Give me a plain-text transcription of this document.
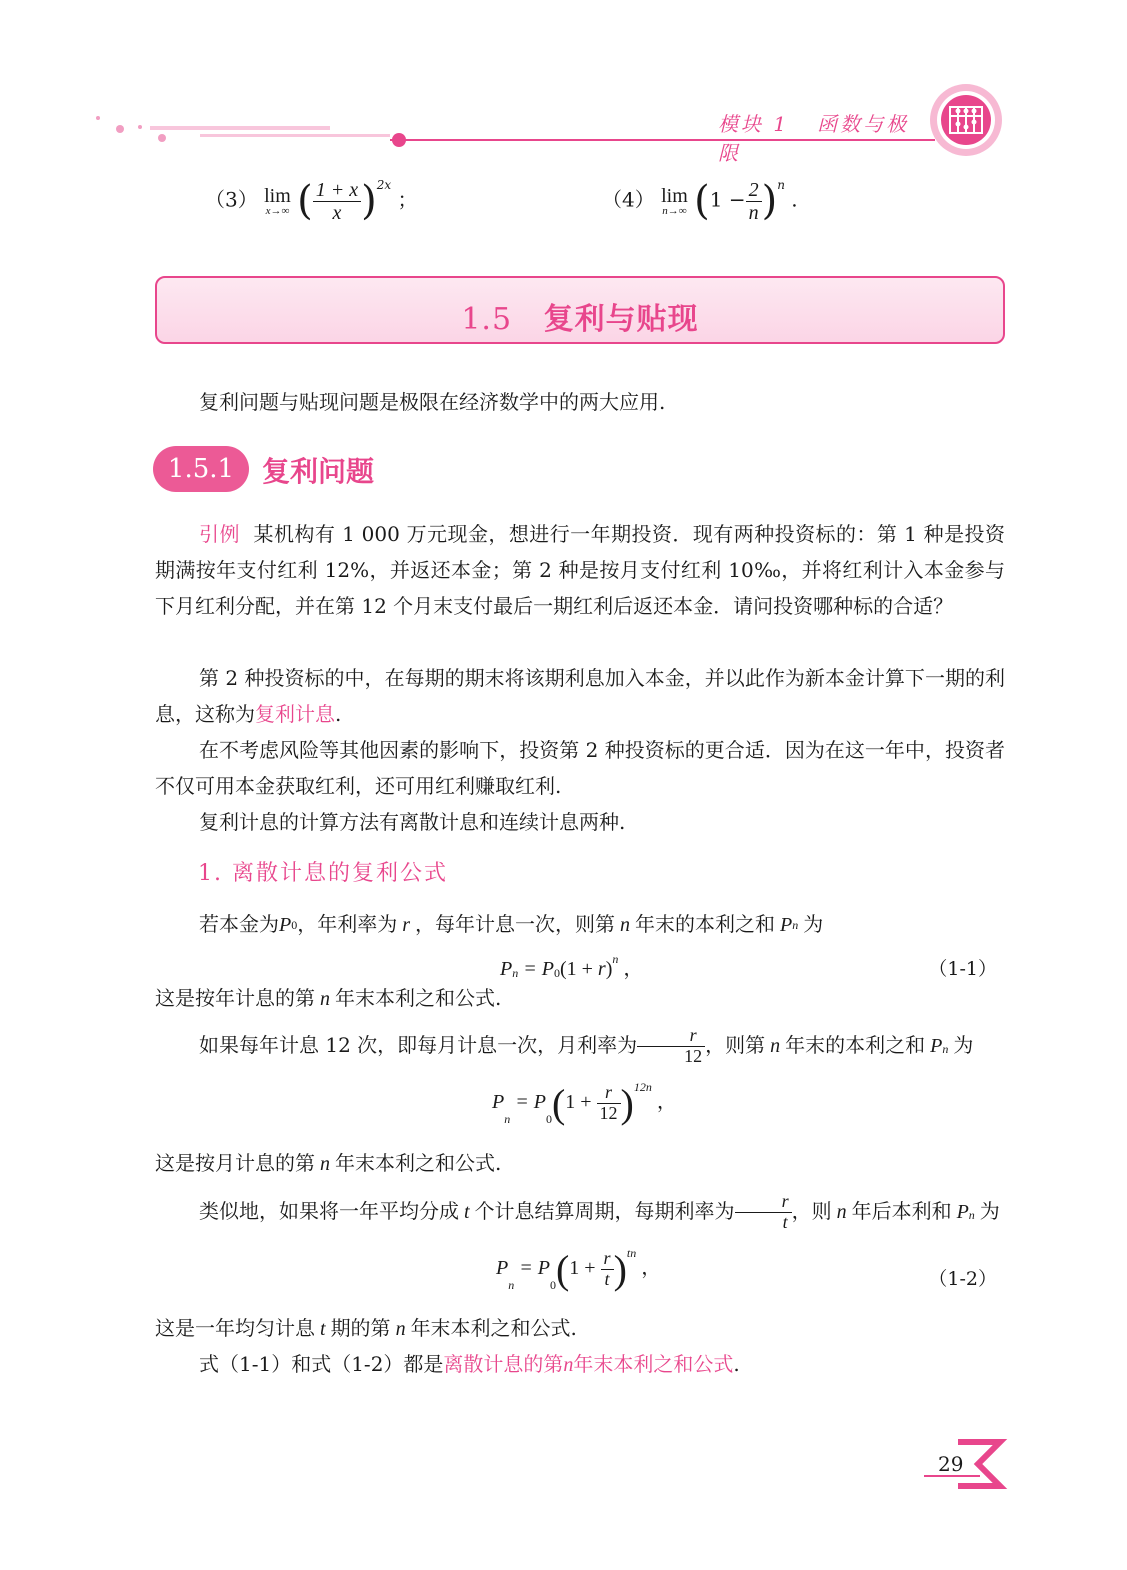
模块 1 函数与极限
（3） lim
x→∞ ( $\frac{1 + x}{x} )^{2x}$ ；	（4） lim
n→∞ $(1 - \frac{2}{n} )^n$ .
1.5 复利与贴现
复利问题与贴现问题是极限在经济数学中的两大应用.
1.5.1 复利问题
引例 某机构有 1 000 万元现金，想进行一年期投资．现有两种投资标的：第 1 种是投资期满按年支付红利 12%，并返还本金；第 2 种是按月支付红利 10‰，并将红利计入本金参与下月红利分配，并在第 12 个月末支付最后一期红利后返还本金．请问投资哪种标的合适？
第 2 种投资标的中，在每期的期末将该期利息加入本金，并以此作为新本金计算下一期的利息，这称为复利计息.
在不考虑风险等其他因素的影响下，投资第 2 种投资标的更合适．因为在这一年中，投资者不仅可用本金获取红利，还可用红利赚取红利.
复利计息的计算方法有离散计息和连续计息两种.
1. 离散计息的复利公式
若本金为P0，年利率为 r ，每年计息一次，则第 n 年末的本利之和 Pn 为
$Pn = P0(1 + r)^n$ ，	（1-1）
这是按年计息的第 n 年末本利之和公式.
如果每年计息 12 次，即每月计息一次，月利率为 $\frac{r}{12}$ ，则第 n 年末的本利之和 Pn 为
$Pn = P0(1 + \frac{r}{12} )^{12n}$ ，
这是按月计息的第 n 年末本利之和公式.
类似地，如果将一年平均分成 t 个计息结算周期，每期利率为 $\frac{r}{t}$ ，则 n 年后本利和 Pn 为
$Pn = P0(1 + \frac{r}{t} )^{tn}$ ，	（1-2）
这是一年均匀计息 t 期的第 n 年末本利之和公式.
式（1-1）和式（1-2）都是离散计息的第n年末本利之和公式.
29
